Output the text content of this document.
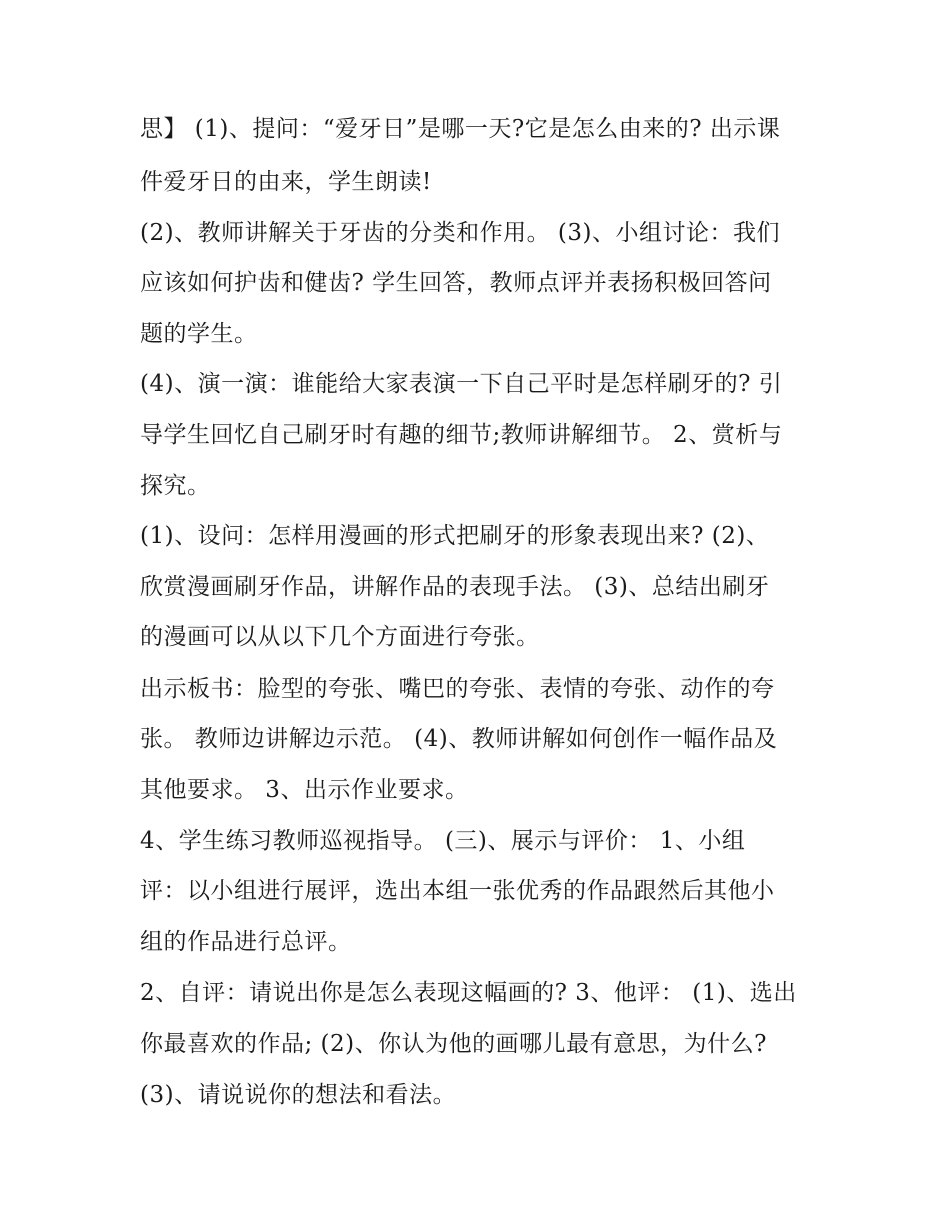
思】 (1)、提问：“爱牙日”是哪一天?它是怎么由来的? 出示课
件爱牙日的由来，学生朗读!
(2)、教师讲解关于牙齿的分类和作用。 (3)、小组讨论：我们
应该如何护齿和健齿? 学生回答，教师点评并表扬积极回答问
题的学生。
(4)、演一演：谁能给大家表演一下自己平时是怎样刷牙的? 引
导学生回忆自己刷牙时有趣的细节;教师讲解细节。 2、赏析与
探究。
(1)、设问：怎样用漫画的形式把刷牙的形象表现出来? (2)、
欣赏漫画刷牙作品，讲解作品的表现手法。 (3)、总结出刷牙
的漫画可以从以下几个方面进行夸张。
出示板书：脸型的夸张、嘴巴的夸张、表情的夸张、动作的夸
张。 教师边讲解边示范。 (4)、教师讲解如何创作一幅作品及
其他要求。 3、出示作业要求。
4、学生练习教师巡视指导。 (三)、展示与评价： 1、小组
评：以小组进行展评，选出本组一张优秀的作品跟然后其他小
组的作品进行总评。
2、自评：请说出你是怎么表现这幅画的? 3、他评： (1)、选出
你最喜欢的作品; (2)、你认为他的画哪儿最有意思，为什么?
(3)、请说说你的想法和看法。
